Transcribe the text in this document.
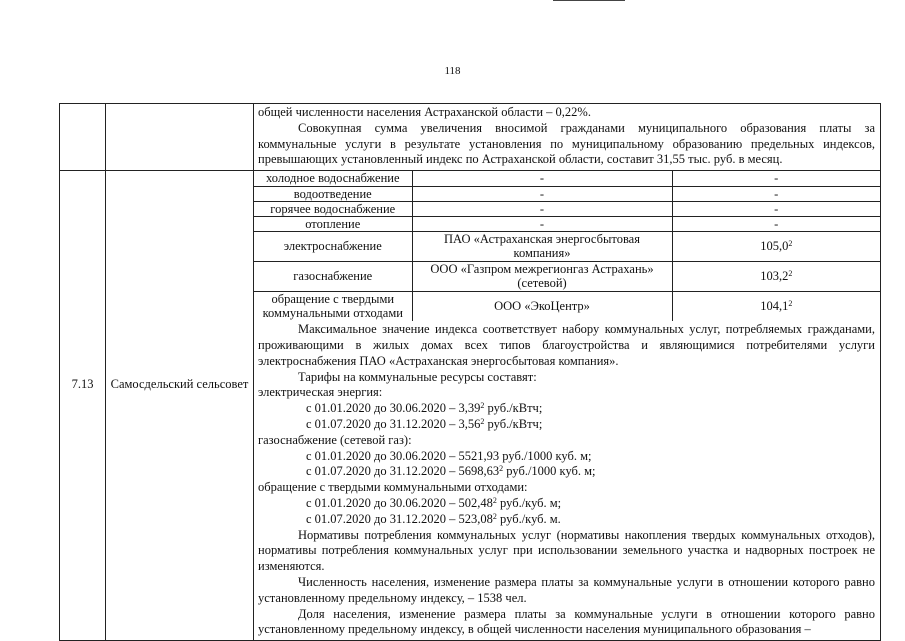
118

общей численности населения Астраханской области – 0,22%.

Совокупная сумма увеличения вносимой гражданами муниципального образования платы за коммунальные услуги в результате установления по муниципальному образованию предельных индексов, превышающих установленный индекс по Астраханской области, составит 31,55 тыс. руб. в месяц.

7.13	Самосдельский сельсовет

холодное водоснабжение	-	-
водоотведение	-	-
горячее водоснабжение	-	-
отопление	-	-
электроснабжение	ПАО «Астраханская энергосбытовая компания»	105,0$^2$
газоснабжение	ООО «Газпром межрегионгаз Астрахань» (сетевой)	103,2$^2$
обращение с твердыми коммунальными отходами	ООО «ЭкоЦентр»	104,1$^2$

Максимальное значение индекса соответствует набору коммунальных услуг, потребляемых гражданами, проживающими в жилых домах всех типов благоустройства и являющимися потребителями услуги электроснабжения ПАО «Астраханская энергосбытовая компания».

Тарифы на коммунальные ресурсы составят:

электрическая энергия:

с 01.01.2020 до 30.06.2020 – 3,39$^2$ руб./кВтч;

с 01.07.2020 до 31.12.2020 – 3,56$^2$ руб./кВтч;

газоснабжение (сетевой газ):

с 01.01.2020 до 30.06.2020 – 5521,93 руб./1000 куб. м;

с 01.07.2020 до 31.12.2020 – 5698,63$^2$ руб./1000 куб. м;

обращение с твердыми коммунальными отходами:

с 01.01.2020 до 30.06.2020 – 502,48$^2$ руб./куб. м;

с 01.07.2020 до 31.12.2020 – 523,08$^2$ руб./куб. м.

Нормативы потребления коммунальных услуг (нормативы накопления твердых коммунальных отходов), нормативы потребления коммунальных услуг при использовании земельного участка и надворных построек не изменяются.

Численность населения, изменение размера платы за коммунальные услуги в отношении которого равно установленному предельному индексу, – 1538 чел.

Доля населения, изменение размера платы за коммунальные услуги в отношении которого равно установленному предельному индексу, в общей численности населения муниципального образования –
